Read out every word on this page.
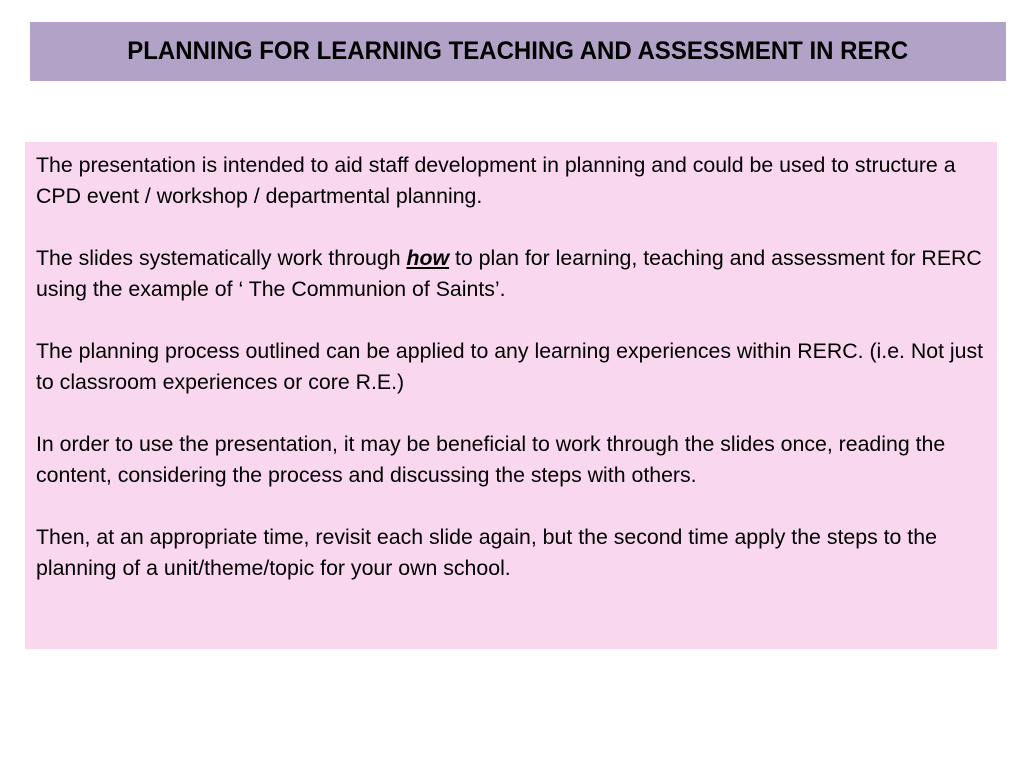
PLANNING FOR LEARNING TEACHING AND ASSESSMENT IN RERC

The presentation is intended to aid staff development in planning and could be used to structure a CPD event / workshop / departmental planning.

The slides systematically work through how to plan for learning, teaching and assessment for RERC using the example of ‘ The Communion of Saints’.

The planning process outlined can be applied to any learning experiences within RERC. (i.e. Not just to classroom experiences or core R.E.)

In order to use the presentation, it may be beneficial to work through the slides once, reading the content, considering the process and discussing the steps with others.

Then, at an appropriate time, revisit each slide again, but the second time apply the steps to the planning of a unit/theme/topic for your own school.
